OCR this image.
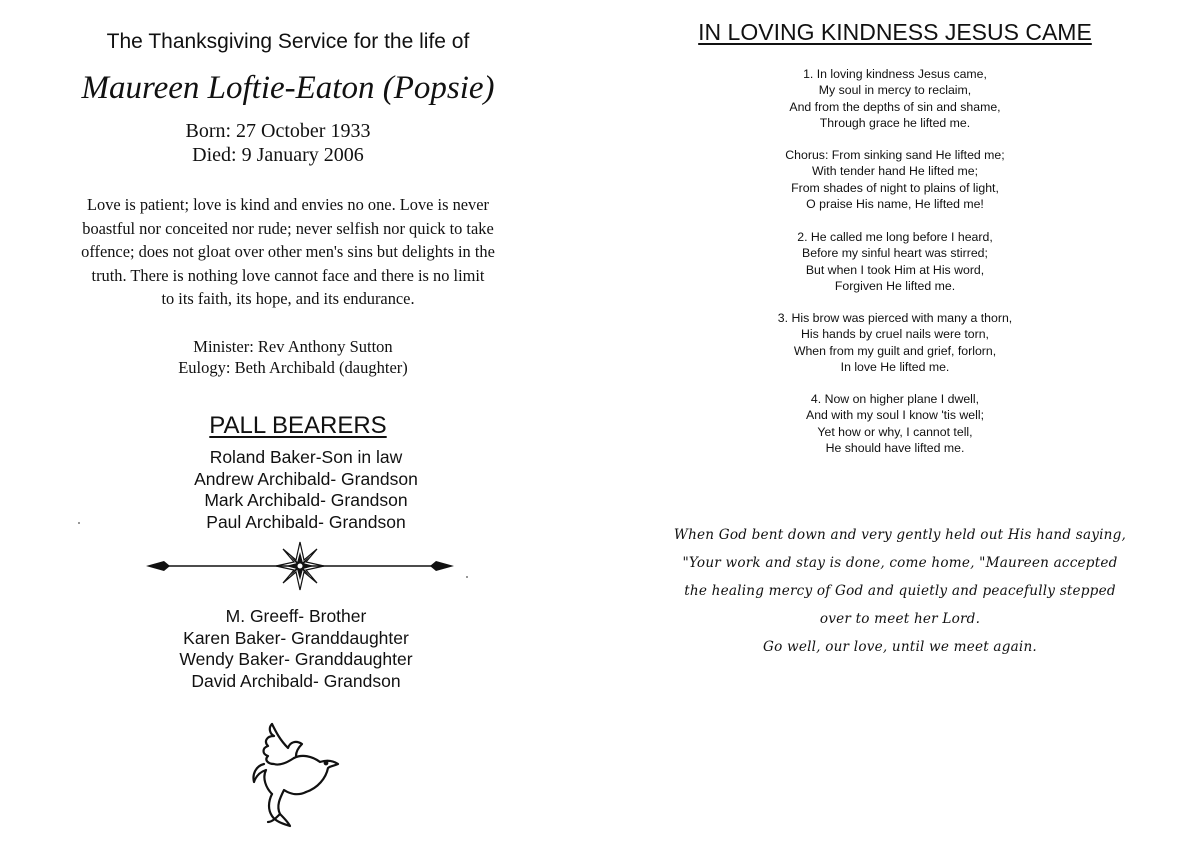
The Thanksgiving Service for the life of
Maureen Loftie-Eaton (Popsie)
Born: 27 October 1933
Died: 9 January 2006
Love is patient; love is kind and envies no one. Love is never
boastful nor conceited nor rude; never selfish nor quick to take
offence; does not gloat over other men's sins but delights in the
truth. There is nothing love cannot face and there is no limit
to its faith, its hope, and its endurance.
Minister: Rev Anthony Sutton
Eulogy: Beth Archibald (daughter)
PALL BEARERS
Roland Baker-Son in law
Andrew Archibald- Grandson
Mark Archibald- Grandson
Paul Archibald- Grandson
M. Greeff- Brother
Karen Baker- Granddaughter
Wendy Baker- Granddaughter
David Archibald- Grandson
IN LOVING KINDNESS JESUS CAME
1. In loving kindness Jesus came,
My soul in mercy to reclaim,
And from the depths of sin and shame,
Through grace he lifted me.
Chorus: From sinking sand He lifted me;
With tender hand He lifted me;
From shades of night to plains of light,
O praise His name, He lifted me!
2. He called me long before I heard,
Before my sinful heart was stirred;
But when I took Him at His word,
Forgiven He lifted me.
3. His brow was pierced with many a thorn,
His hands by cruel nails were torn,
When from my guilt and grief, forlorn,
In love He lifted me.
4. Now on higher plane I dwell,
And with my soul I know 'tis well;
Yet how or why, I cannot tell,
He should have lifted me.
When God bent down and very gently held out His hand saying,
"Your work and stay is done, come home, "Maureen accepted
the healing mercy of God and quietly and peacefully stepped
over to meet her Lord.
Go well, our love, until we meet again.
